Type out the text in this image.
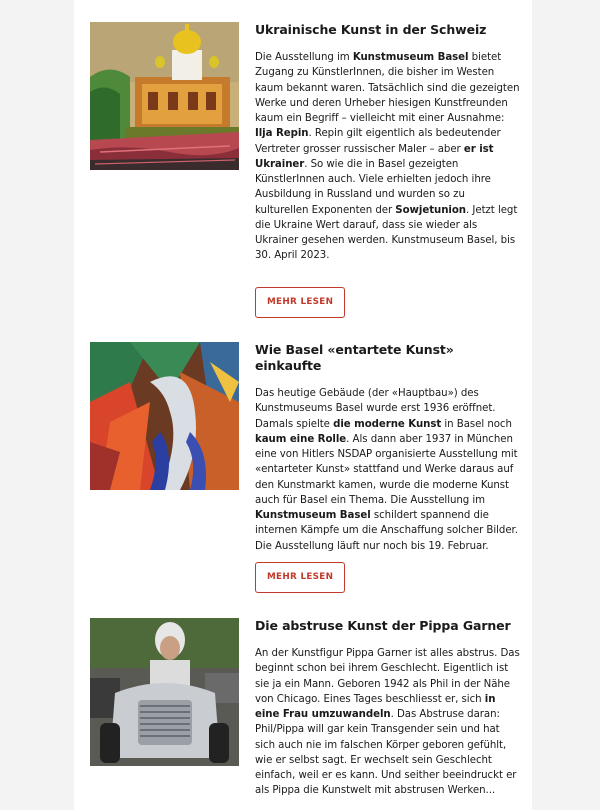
Ukrainische Kunst in der Schweiz

Die Ausstellung im Kunstmuseum Basel bietet Zugang zu KünstlerInnen, die bisher im Westen kaum bekannt waren. Tatsächlich sind die gezeigten Werke und deren Urheber hiesigen Kunstfreunden kaum ein Begriff – vielleicht mit einer Ausnahme: Ilja Repin. Repin gilt eigentlich als bedeutender Vertreter grosser russischer Maler – aber er ist Ukrainer. So wie die in Basel gezeigten KünstlerInnen auch. Viele erhielten jedoch ihre Ausbildung in Russland und wurden so zu kulturellen Exponenten der Sowjetunion. Jetzt legt die Ukraine Wert darauf, dass sie wieder als Ukrainer gesehen werden. Kunstmuseum Basel, bis 30. April 2023.

MEHR LESEN
Wie Basel «entartete Kunst» einkaufte

Das heutige Gebäude (der «Hauptbau») des Kunstmuseums Basel wurde erst 1936 eröffnet. Damals spielte die moderne Kunst in Basel noch kaum eine Rolle. Als dann aber 1937 in München eine von Hitlers NSDAP organisierte Ausstellung mit «entarteter Kunst» stattfand und Werke daraus auf den Kunstmarkt kamen, wurde die moderne Kunst auch für Basel ein Thema. Die Ausstellung im Kunstmuseum Basel schildert spannend die internen Kämpfe um die Anschaffung solcher Bilder. Die Ausstellung läuft nur noch bis 19. Februar.

MEHR LESEN
Die abstruse Kunst der Pippa Garner

An der Kunstfigur Pippa Garner ist alles abstrus. Das beginnt schon bei ihrem Geschlecht. Eigentlich ist sie ja ein Mann. Geboren 1942 als Phil in der Nähe von Chicago. Eines Tages beschliesst er, sich in eine Frau umzuwandeln. Das Abstruse daran: Phil/Pippa will gar kein Transgender sein und hat sich auch nie im falschen Körper geboren gefühlt, wie er selbst sagt. Er wechselt sein Geschlecht einfach, weil er es kann. Und seither beeindruckt er als Pippa die Kunstwelt mit abstrusen Werken...
